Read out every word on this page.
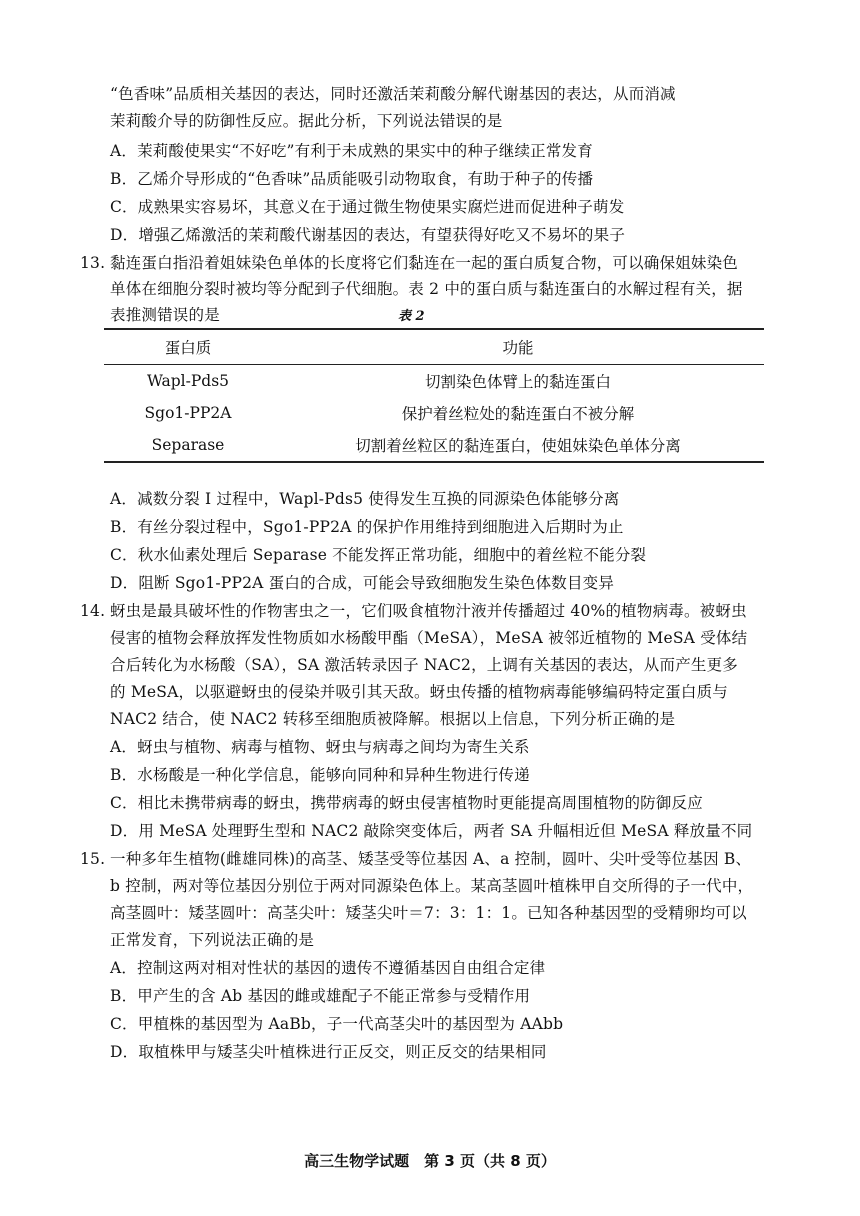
“色香味”品质相关基因的表达，同时还激活茉莉酸分解代谢基因的表达，从而消减
茉莉酸介导的防御性反应。据此分析，下列说法错误的是
A．茉莉酸使果实“不好吃”有利于未成熟的果实中的种子继续正常发育
B．乙烯介导形成的“色香味”品质能吸引动物取食，有助于种子的传播
C．成熟果实容易坏，其意义在于通过微生物使果实腐烂进而促进种子萌发
D．增强乙烯激活的茉莉酸代谢基因的表达，有望获得好吃又不易坏的果子
13. 黏连蛋白指沿着姐妹染色单体的长度将它们黏连在一起的蛋白质复合物，可以确保姐妹染色
单体在细胞分裂时被均等分配到子代细胞。表 2 中的蛋白质与黏连蛋白的水解过程有关，据
表推测错误的是	表 2
蛋白质	功能
Wapl-Pds5	切割染色体臂上的黏连蛋白
Sgo1-PP2A	保护着丝粒处的黏连蛋白不被分解
Separase	切割着丝粒区的黏连蛋白，使姐妹染色单体分离
A．减数分裂 I 过程中，Wapl-Pds5 使得发生互换的同源染色体能够分离
B．有丝分裂过程中，Sgo1-PP2A 的保护作用维持到细胞进入后期时为止
C．秋水仙素处理后 Separase 不能发挥正常功能，细胞中的着丝粒不能分裂
D．阻断 Sgo1-PP2A 蛋白的合成，可能会导致细胞发生染色体数目变异
14. 蚜虫是最具破坏性的作物害虫之一，它们吸食植物汁液并传播超过 40%的植物病毒。被蚜虫
侵害的植物会释放挥发性物质如水杨酸甲酯（MeSA），MeSA 被邻近植物的 MeSA 受体结
合后转化为水杨酸（SA），SA 激活转录因子 NAC2，上调有关基因的表达，从而产生更多
的 MeSA，以驱避蚜虫的侵染并吸引其天敌。蚜虫传播的植物病毒能够编码特定蛋白质与
NAC2 结合，使 NAC2 转移至细胞质被降解。根据以上信息，下列分析正确的是
A．蚜虫与植物、病毒与植物、蚜虫与病毒之间均为寄生关系
B．水杨酸是一种化学信息，能够向同种和异种生物进行传递
C．相比未携带病毒的蚜虫，携带病毒的蚜虫侵害植物时更能提高周围植物的防御反应
D．用 MeSA 处理野生型和 NAC2 敲除突变体后，两者 SA 升幅相近但 MeSA 释放量不同
15. 一种多年生植物(雌雄同株)的高茎、矮茎受等位基因 A、a 控制，圆叶、尖叶受等位基因 B、
b 控制，两对等位基因分别位于两对同源染色体上。某高茎圆叶植株甲自交所得的子一代中，
高茎圆叶：矮茎圆叶：高茎尖叶：矮茎尖叶＝7：3：1：1。已知各种基因型的受精卵均可以
正常发育，下列说法正确的是
A．控制这两对相对性状的基因的遗传不遵循基因自由组合定律
B．甲产生的含 Ab 基因的雌或雄配子不能正常参与受精作用
C．甲植株的基因型为 AaBb，子一代高茎尖叶的基因型为 AAbb
D．取植株甲与矮茎尖叶植株进行正反交，则正反交的结果相同
高三生物学试题　第 3 页（共 8 页）
